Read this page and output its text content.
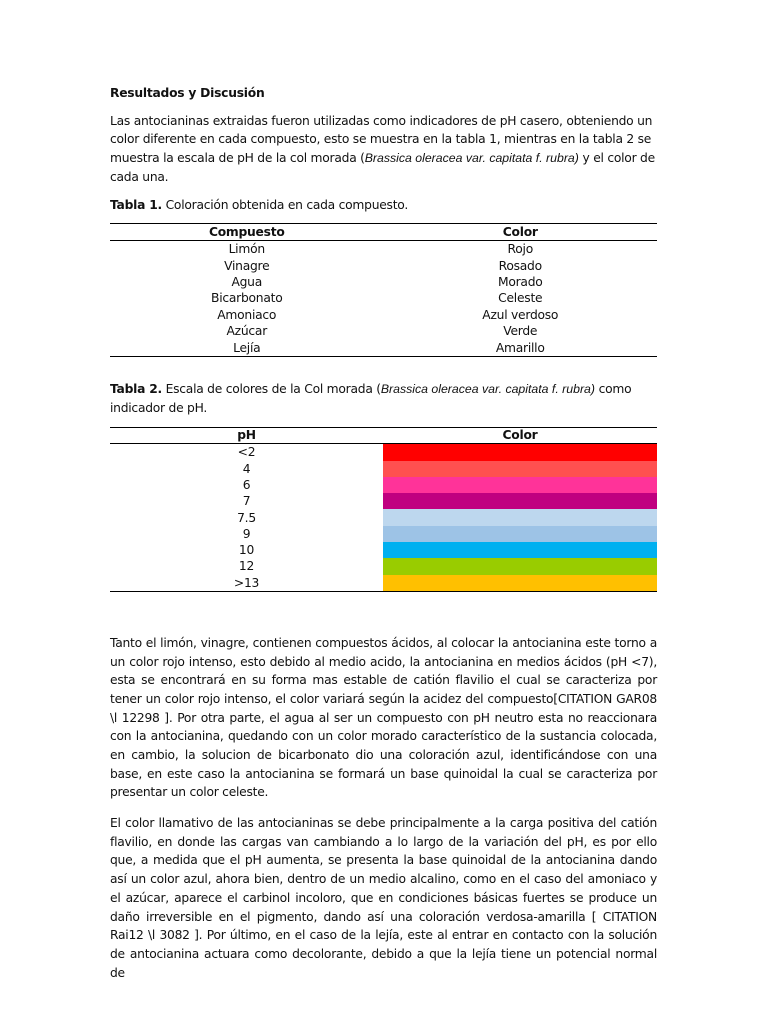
Resultados y Discusión

Las antocianinas extraidas fueron utilizadas como indicadores de pH casero, obteniendo un color diferente en cada compuesto, esto se muestra en la tabla 1, mientras en la tabla 2 se muestra la escala de pH de la col morada (Brassica oleracea var. capitata f. rubra) y el color de cada una.

Tabla 1. Coloración obtenida en cada compuesto.

Compuesto	Color
Limón	Rojo
Vinagre	Rosado
Agua	Morado
Bicarbonato	Celeste
Amoniaco	Azul verdoso
Azúcar	Verde
Lejía	Amarillo

Tabla 2. Escala de colores de la Col morada (Brassica oleracea var. capitata f. rubra) como indicador de pH.

pH	Color
<2	
4	
6	
7	
7.5	
9	
10	
12	
>13	

Tanto el limón, vinagre, contienen compuestos ácidos, al colocar la antocianina este torno a un color rojo intenso, esto debido al medio acido, la antocianina en medios ácidos (pH <7), esta se encontrará en su forma mas estable de catión flavilio el cual se caracteriza por tener un color rojo intenso, el color variará según la acidez del compuesto[CITATION GAR08 \l 12298 ]. Por otra parte, el agua al ser un compuesto con pH neutro esta no reaccionara con la antocianina, quedando con un color morado característico de la sustancia colocada, en cambio, la solucion de bicarbonato dio una coloración azul, identificándose con una base, en este caso la antocianina se formará un base quinoidal la cual se caracteriza por presentar un color celeste.

El color llamativo de las antocianinas se debe principalmente a la carga positiva del catión flavilio, en donde las cargas van cambiando a lo largo de la variación del pH, es por ello que, a medida que el pH aumenta, se presenta la base quinoidal de la antocianina dando así un color azul, ahora bien, dentro de un medio alcalino, como en el caso del amoniaco y el azúcar, aparece el carbinol incoloro, que en condiciones básicas fuertes se produce un daño irreversible en el pigmento, dando así una coloración verdosa-amarilla [ CITATION Rai12 \l 3082 ]. Por último, en el caso de la lejía, este al entrar en contacto con la solución de antocianina actuara como decolorante, debido a que la lejía tiene un potencial normal de
